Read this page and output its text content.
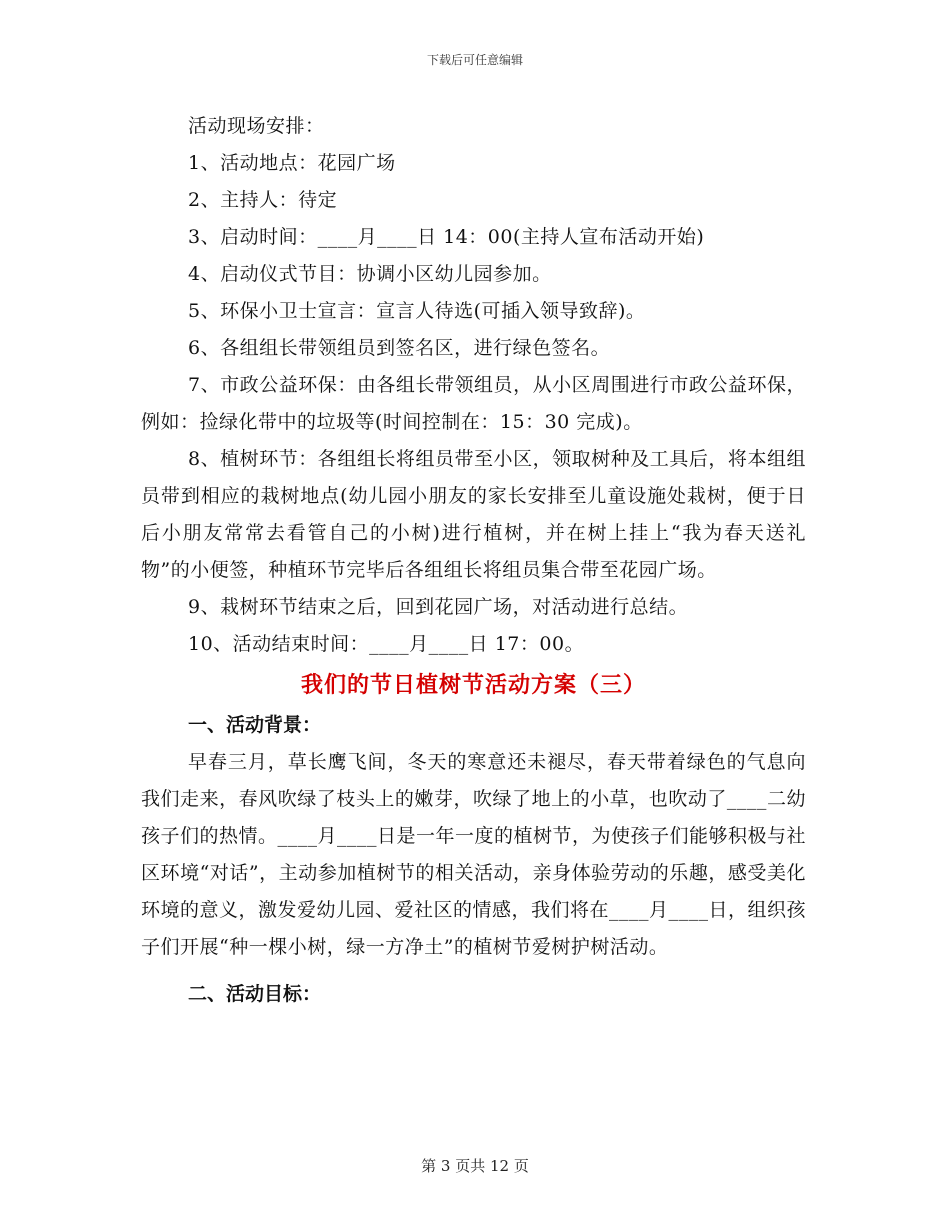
下载后可任意编辑

活动现场安排：

1、活动地点：花园广场

2、主持人：待定

3、启动时间：____月____日 14：00(主持人宣布活动开始)

4、启动仪式节目：协调小区幼儿园参加。

5、环保小卫士宣言：宣言人待选(可插入领导致辞)。

6、各组组长带领组员到签名区，进行绿色签名。

7、市政公益环保：由各组长带领组员，从小区周围进行市政公益环保，例如：捡绿化带中的垃圾等(时间控制在：15：30 完成)。

8、植树环节：各组组长将组员带至小区，领取树种及工具后，将本组组员带到相应的栽树地点(幼儿园小朋友的家长安排至儿童设施处栽树，便于日后小朋友常常去看管自己的小树)进行植树，并在树上挂上“我为春天送礼物”的小便签，种植环节完毕后各组组长将组员集合带至花园广场。

9、栽树环节结束之后，回到花园广场，对活动进行总结。

10、活动结束时间：____月____日 17：00。

我们的节日植树节活动方案（三）
一、活动背景：

早春三月，草长鹰飞间，冬天的寒意还未褪尽，春天带着绿色的气息向我们走来，春风吹绿了枝头上的嫩芽，吹绿了地上的小草，也吹动了____二幼孩子们的热情。____月____日是一年一度的植树节，为使孩子们能够积极与社区环境“对话”，主动参加植树节的相关活动，亲身体验劳动的乐趣，感受美化环境的意义，激发爱幼儿园、爱社区的情感，我们将在____月____日，组织孩子们开展“种一棵小树，绿一方净土”的植树节爱树护树活动。

二、活动目标：
第 3 页共 12 页
